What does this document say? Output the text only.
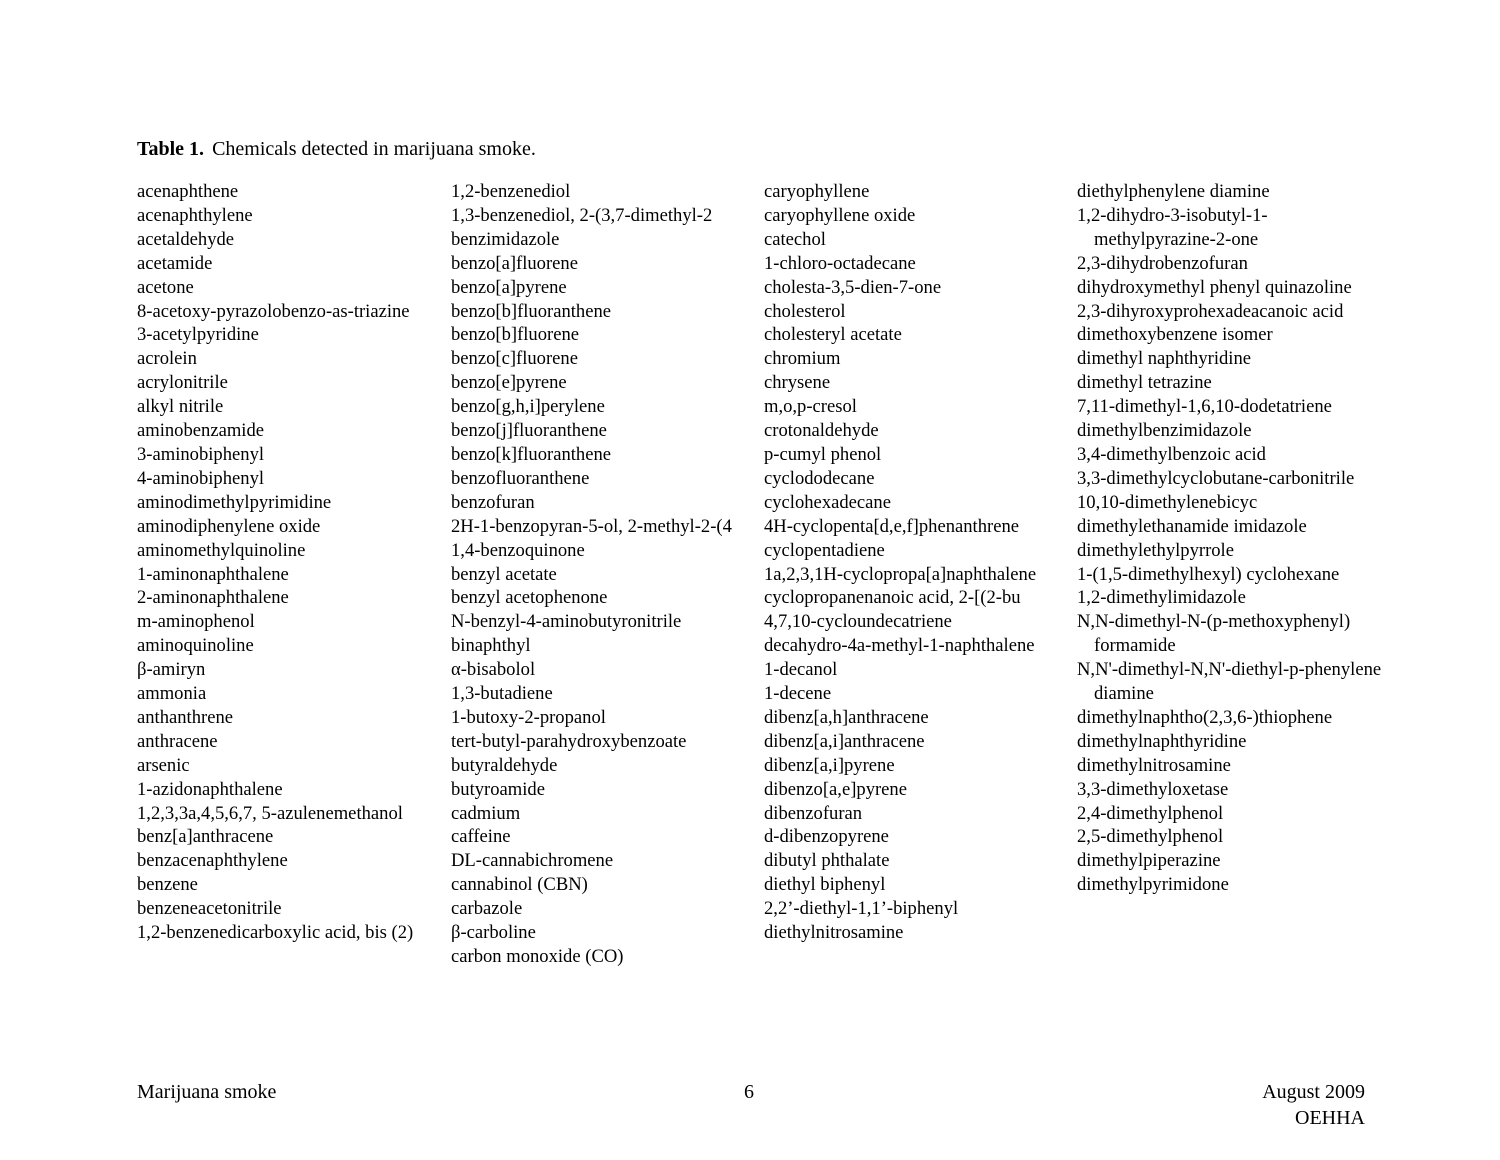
Table 1. Chemicals detected in marijuana smoke.
acenaphthene
acenaphthylene
acetaldehyde
acetamide
acetone
8-acetoxy-pyrazolobenzo-as-triazine
3-acetylpyridine
acrolein
acrylonitrile
alkyl nitrile
aminobenzamide
3-aminobiphenyl
4-aminobiphenyl
aminodimethylpyrimidine
aminodiphenylene oxide
aminomethylquinoline
1-aminonaphthalene
2-aminonaphthalene
m-aminophenol
aminoquinoline
β-amiryn
ammonia
anthanthrene
anthracene
arsenic
1-azidonaphthalene
1,2,3,3a,4,5,6,7, 5-azulenemethanol
benz[a]anthracene
benzacenaphthylene
benzene
benzeneacetonitrile
1,2-benzenedicarboxylic acid, bis (2)
1,2-benzenediol
1,3-benzenediol, 2-(3,7-dimethyl-2
benzimidazole
benzo[a]fluorene
benzo[a]pyrene
benzo[b]fluoranthene
benzo[b]fluorene
benzo[c]fluorene
benzo[e]pyrene
benzo[g,h,i]perylene
benzo[j]fluoranthene
benzo[k]fluoranthene
benzofluoranthene
benzofuran
2H-1-benzopyran-5-ol, 2-methyl-2-(4
1,4-benzoquinone
benzyl acetate
benzyl acetophenone
N-benzyl-4-aminobutyronitrile
binaphthyl
α-bisabolol
1,3-butadiene
1-butoxy-2-propanol
tert-butyl-parahydroxybenzoate
butyraldehyde
butyroamide
cadmium
caffeine
DL-cannabichromene
cannabinol (CBN)
carbazole
β-carboline
carbon monoxide (CO)
caryophyllene
caryophyllene oxide
catechol
1-chloro-octadecane
cholesta-3,5-dien-7-one
cholesterol
cholesteryl acetate
chromium
chrysene
m,o,p-cresol
crotonaldehyde
p-cumyl phenol
cyclododecane
cyclohexadecane
4H-cyclopenta[d,e,f]phenanthrene
cyclopentadiene
1a,2,3,1H-cyclopropa[a]naphthalene
cyclopropanenanoic acid, 2-[(2-bu
4,7,10-cycloundecatriene
decahydro-4a-methyl-1-naphthalene
1-decanol
1-decene
dibenz[a,h]anthracene
dibenz[a,i]anthracene
dibenz[a,i]pyrene
dibenzo[a,e]pyrene
dibenzofuran
d-dibenzopyrene
dibutyl phthalate
diethyl biphenyl
2,2’-diethyl-1,1’-biphenyl
diethylnitrosamine
diethylphenylene diamine
1,2-dihydro-3-isobutyl-1-methylpyrazine-2-one
2,3-dihydrobenzofuran
dihydroxymethyl phenyl quinazoline
2,3-dihyroxyprohexadeacanoic acid
dimethoxybenzene isomer
dimethyl naphthyridine
dimethyl tetrazine
7,11-dimethyl-1,6,10-dodetatriene
dimethylbenzimidazole
3,4-dimethylbenzoic acid
3,3-dimethylcyclobutane-carbonitrile
10,10-dimethylenebicyc
dimethylethanamide imidazole
dimethylethylpyrrole
1-(1,5-dimethylhexyl) cyclohexane
1,2-dimethylimidazole
N,N-dimethyl-N-(p-methoxyphenyl) formamide
N,N'-dimethyl-N,N'-diethyl-p-phenylene diamine
dimethylnaphtho(2,3,6-)thiophene
dimethylnaphthyridine
dimethylnitrosamine
3,3-dimethyloxetase
2,4-dimethylphenol
2,5-dimethylphenol
dimethylpiperazine
dimethylpyrimidone
Marijuana smoke	6	August 2009
OEHHA
